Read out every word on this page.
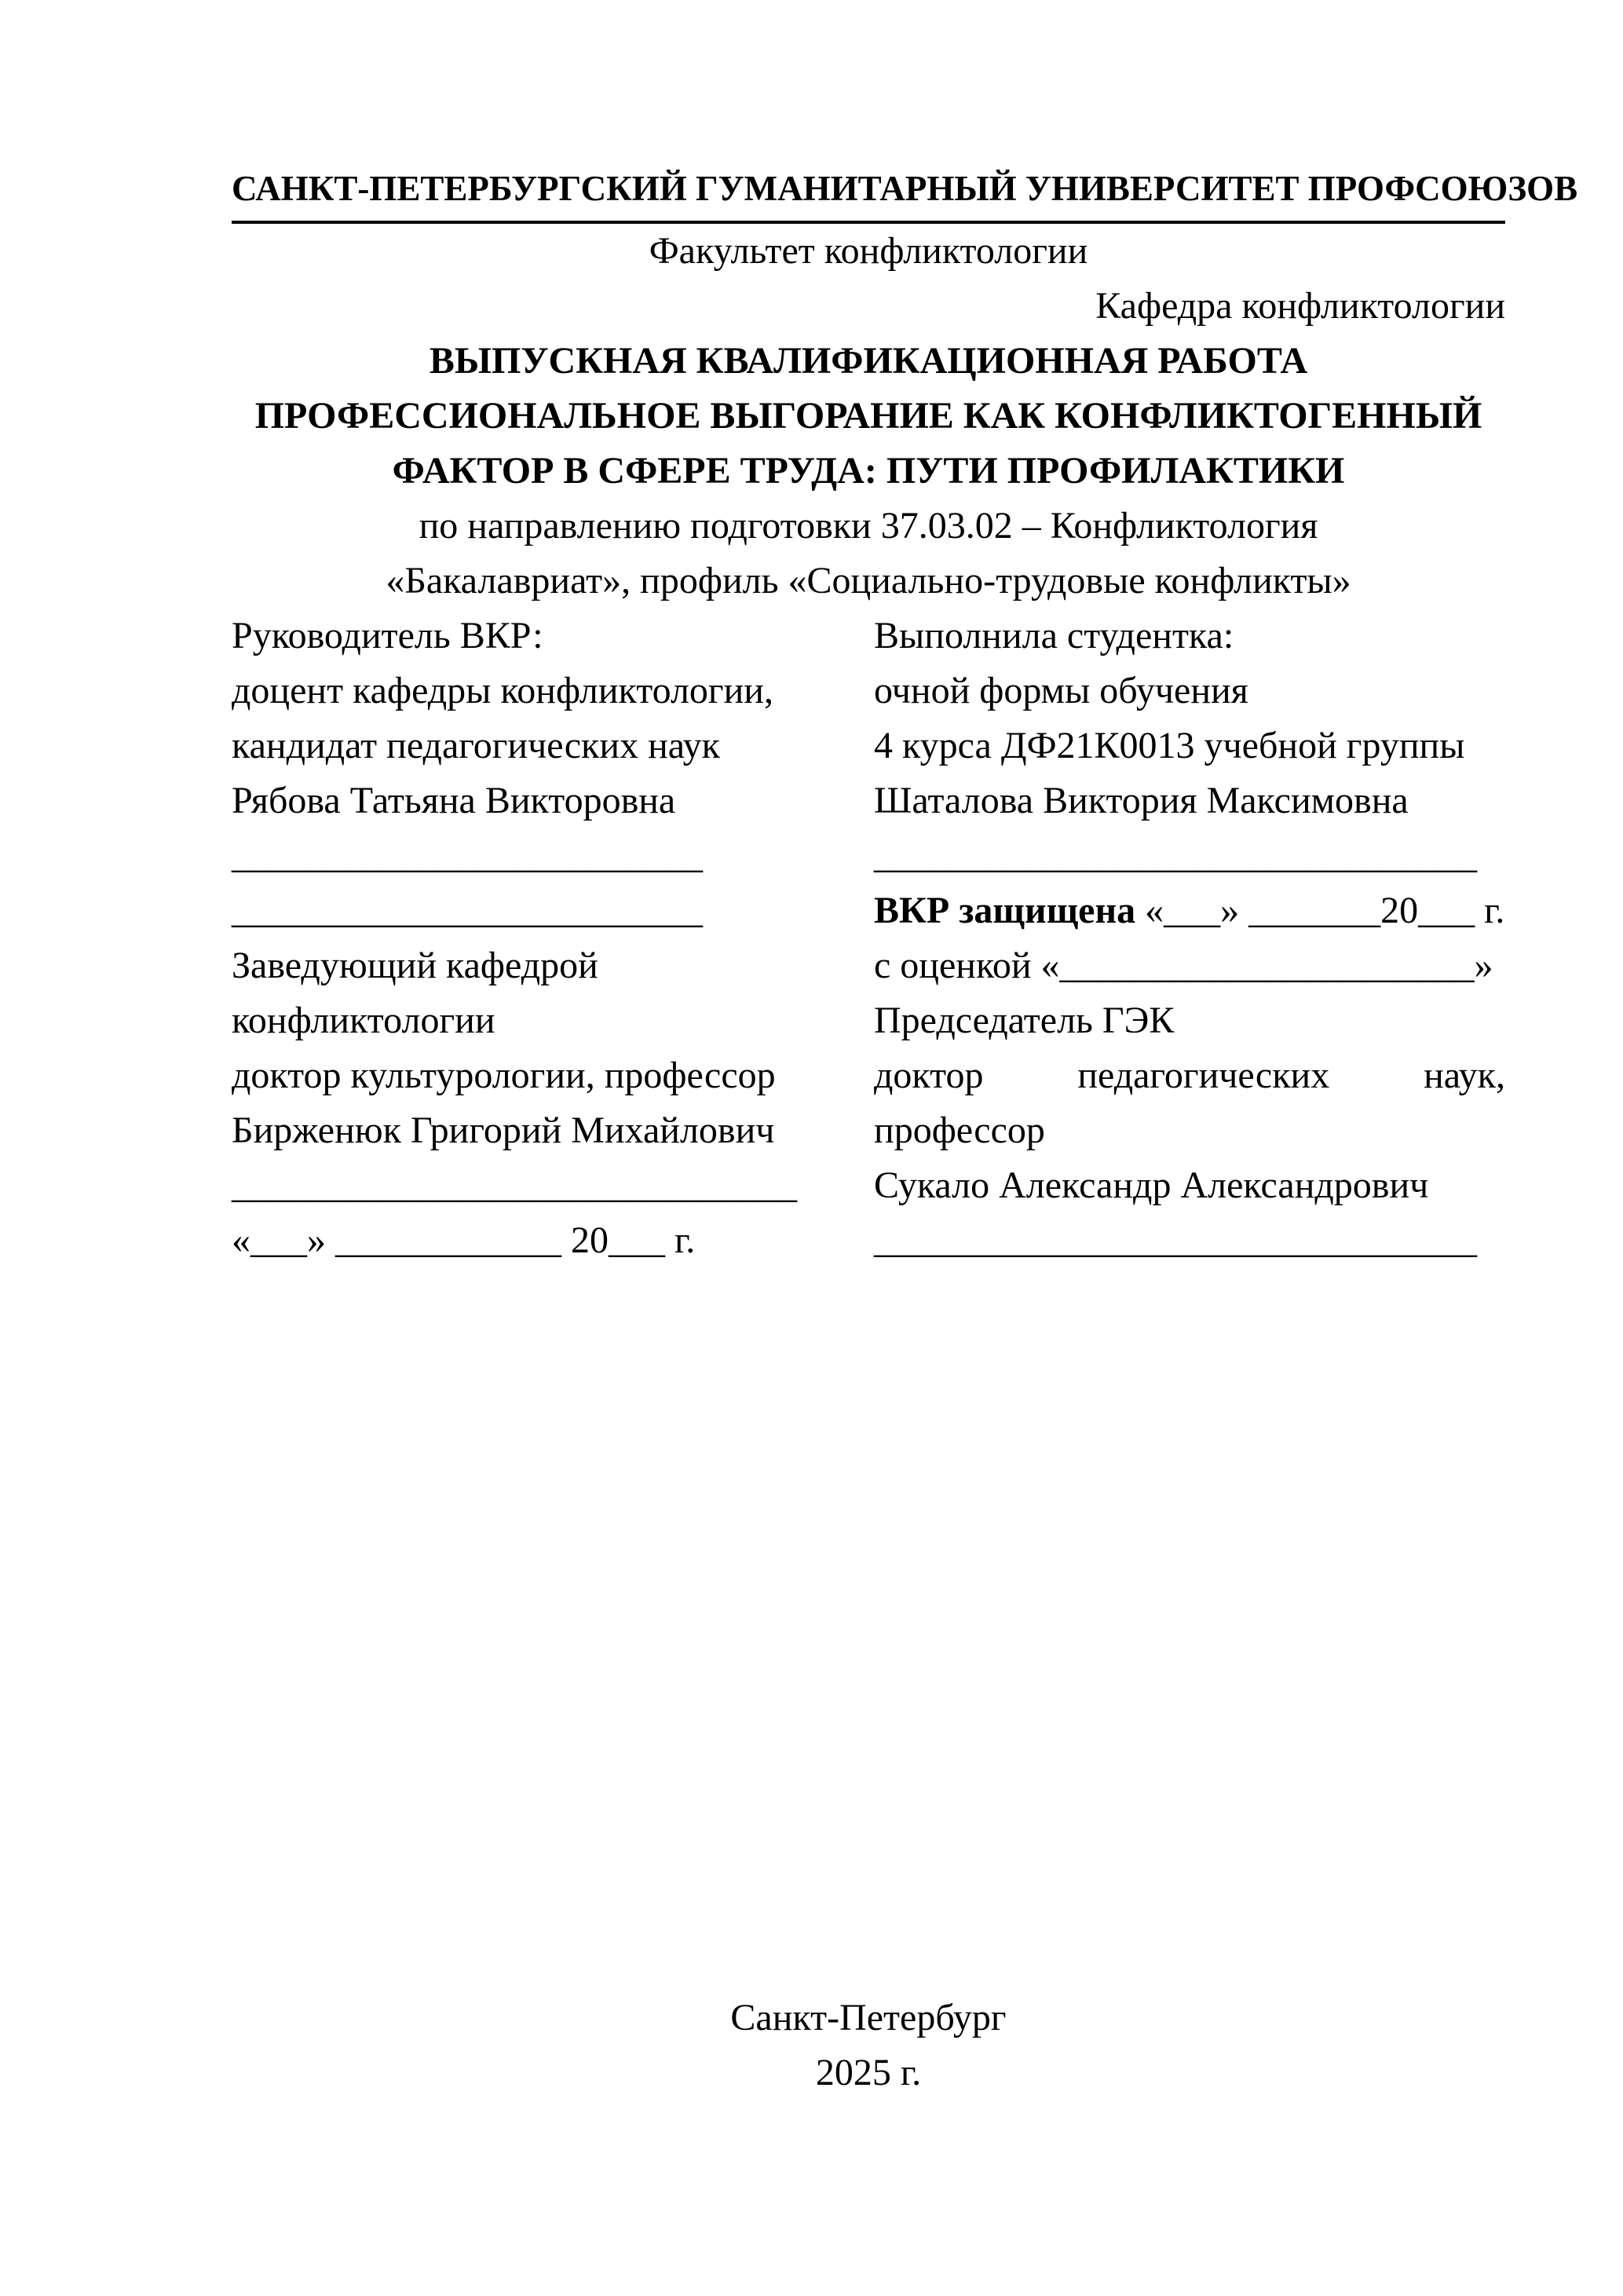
САНКТ-ПЕТЕРБУРГСКИЙ ГУМАНИТАРНЫЙ УНИВЕРСИТЕТ ПРОФСОЮЗОВ

Факультет конфликтологии

Кафедра конфликтологии

ВЫПУСКНАЯ КВАЛИФИКАЦИОННАЯ РАБОТА

ПРОФЕССИОНАЛЬНОЕ ВЫГОРАНИЕ КАК КОНФЛИКТОГЕННЫЙ

ФАКТОР В СФЕРЕ ТРУДА: ПУТИ ПРОФИЛАКТИКИ

по направлению подготовки 37.03.02 – Конфликтология

«Бакалавриат», профиль «Социально-трудовые конфликты»

Руководитель ВКР:

доцент кафедры конфликтологии,

кандидат педагогических наук

Рябова Татьяна Викторовна

_________________________

_________________________

Заведующий кафедрой

конфликтологии

доктор культурологии, профессор

Бирженюк Григорий Михайлович

______________________________

«___» ____________ 20___ г.

Выполнила студентка:

очной формы обучения

4 курса ДФ21К0013 учебной группы

Шаталова Виктория Максимовна

________________________________

ВКР защищена «___» _______20___ г.

с оценкой «______________________»

Председатель ГЭК

доктор педагогических наук,

профессор

Сукало Александр Александрович

________________________________

Санкт-Петербург

2025 г.
